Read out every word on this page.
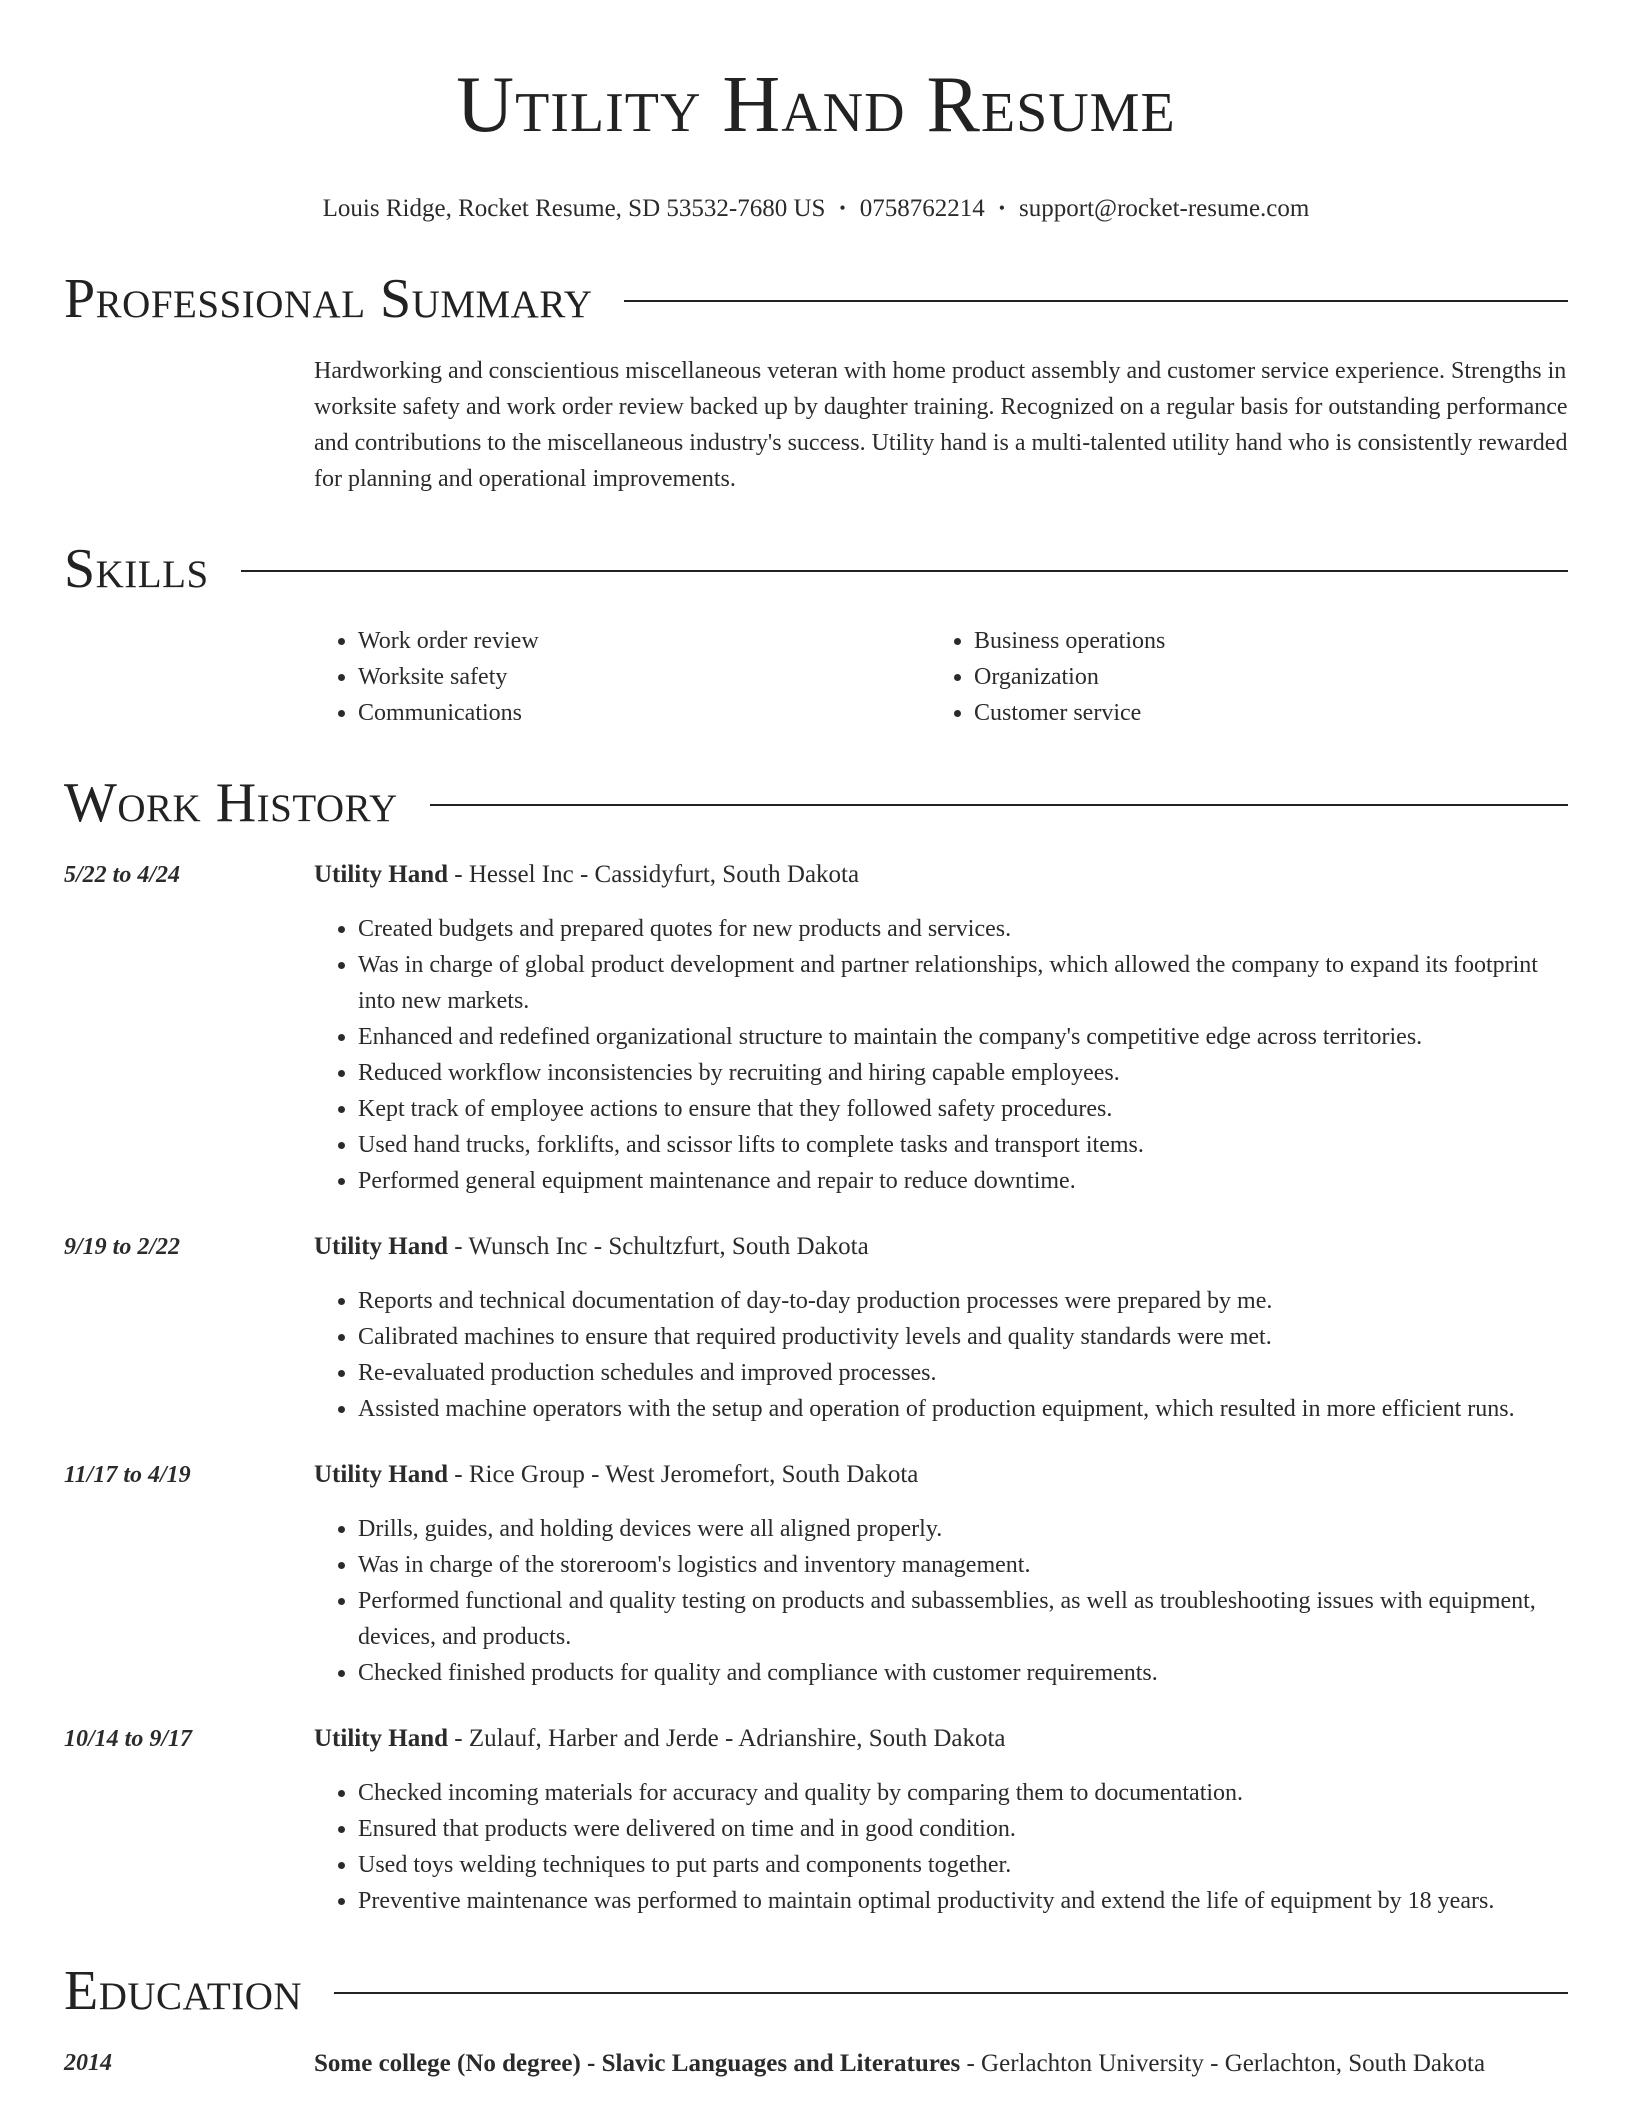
Utility Hand Resume
Louis Ridge, Rocket Resume, SD 53532-7680 US • 0758762214 • support@rocket-resume.com
Professional Summary
Hardworking and conscientious miscellaneous veteran with home product assembly and customer service experience. Strengths in worksite safety and work order review backed up by daughter training. Recognized on a regular basis for outstanding performance and contributions to the miscellaneous industry's success. Utility hand is a multi-talented utility hand who is consistently rewarded for planning and operational improvements.
Skills
• Work order review
• Worksite safety
• Communications
• Business operations
• Organization
• Customer service
Work History
5/22 to 4/24	Utility Hand - Hessel Inc - Cassidyfurt, South Dakota
• Created budgets and prepared quotes for new products and services.
• Was in charge of global product development and partner relationships, which allowed the company to expand its footprint into new markets.
• Enhanced and redefined organizational structure to maintain the company's competitive edge across territories.
• Reduced workflow inconsistencies by recruiting and hiring capable employees.
• Kept track of employee actions to ensure that they followed safety procedures.
• Used hand trucks, forklifts, and scissor lifts to complete tasks and transport items.
• Performed general equipment maintenance and repair to reduce downtime.
9/19 to 2/22	Utility Hand - Wunsch Inc - Schultzfurt, South Dakota
• Reports and technical documentation of day-to-day production processes were prepared by me.
• Calibrated machines to ensure that required productivity levels and quality standards were met.
• Re-evaluated production schedules and improved processes.
• Assisted machine operators with the setup and operation of production equipment, which resulted in more efficient runs.
11/17 to 4/19	Utility Hand - Rice Group - West Jeromefort, South Dakota
• Drills, guides, and holding devices were all aligned properly.
• Was in charge of the storeroom's logistics and inventory management.
• Performed functional and quality testing on products and subassemblies, as well as troubleshooting issues with equipment, devices, and products.
• Checked finished products for quality and compliance with customer requirements.
10/14 to 9/17	Utility Hand - Zulauf, Harber and Jerde - Adrianshire, South Dakota
• Checked incoming materials for accuracy and quality by comparing them to documentation.
• Ensured that products were delivered on time and in good condition.
• Used toys welding techniques to put parts and components together.
• Preventive maintenance was performed to maintain optimal productivity and extend the life of equipment by 18 years.
Education
2014	Some college (No degree) - Slavic Languages and Literatures - Gerlachton University - Gerlachton, South Dakota
